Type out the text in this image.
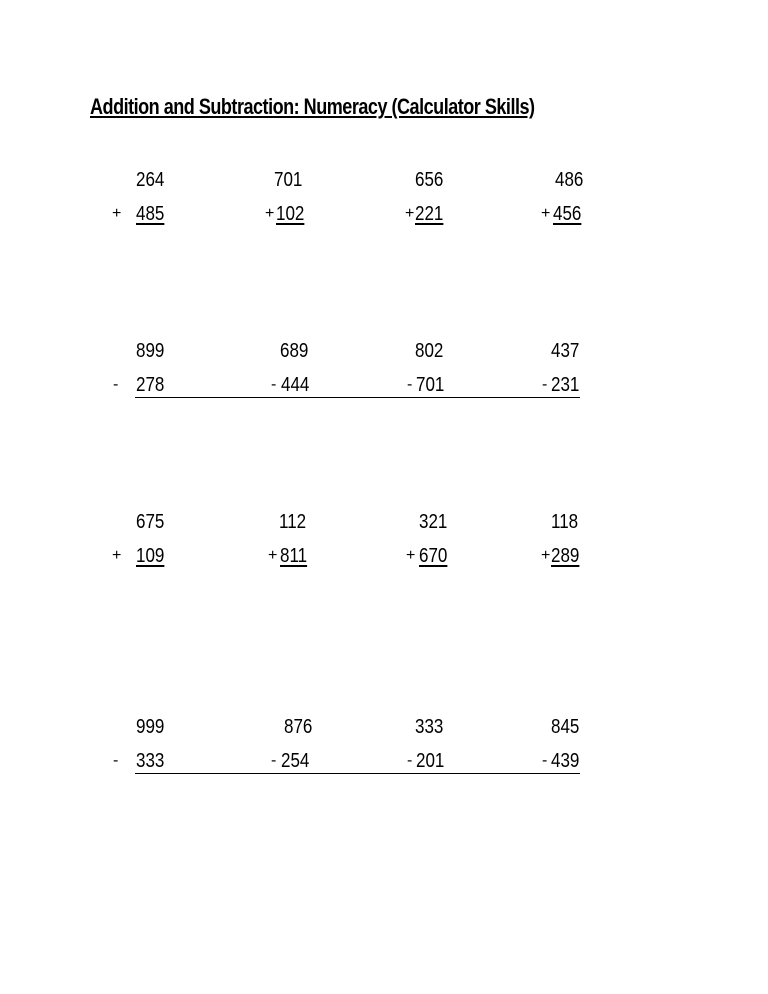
Addition and Subtraction: Numeracy (Calculator Skills)
+
264
485
701
+ 102
656
+ 221
486
+ 456
-
899
278
689
- 444
802
- 701
437
- 231
+
675
109
112
+ 811
321
+ 670
118
+ 289
-
999
333
876
- 254
333
- 201
845
- 439
